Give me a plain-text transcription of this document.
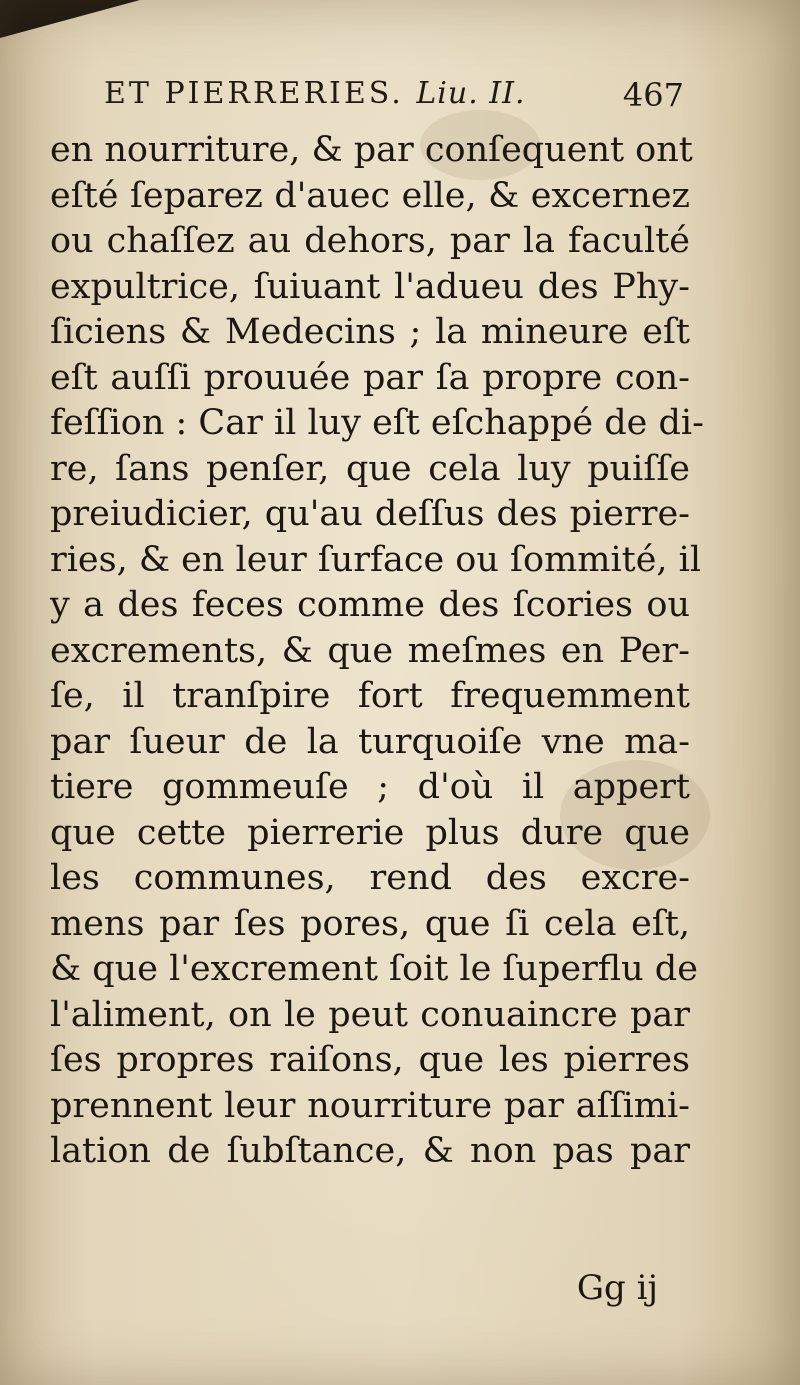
ET PIERRERIES. Liu. II.	467
en nourriture, & par conſequent ont
eſté ſeparez d'auec elle, & excernez
ou chaſſez au dehors, par la faculté
expultrice, ſuiuant l'adueu des Phy-
ſiciens & Medecins ; la mineure eſt
eſt auſſi prouuée par ſa propre con-
feſſion : Car il luy eſt eſchappé de di-
re, ſans penſer, que cela luy puiſſe
preiudicier, qu'au deſſus des pierre-
ries, & en leur ſurface ou ſommité, il
y a des feces comme des ſcories ou
excrements, & que meſmes en Per-
ſe, il tranſpire fort frequemment
par ſueur de la turquoiſe vne ma-
tiere gommeuſe ; d'où il appert
que cette pierrerie plus dure que
les communes, rend des excre-
mens par ſes pores, que ſi cela eſt,
& que l'excrement ſoit le ſuperflu de
l'aliment, on le peut conuaincre par
ſes propres raiſons, que les pierres
prennent leur nourriture par aſſimi-
lation de ſubſtance, & non pas par
Gg ij
